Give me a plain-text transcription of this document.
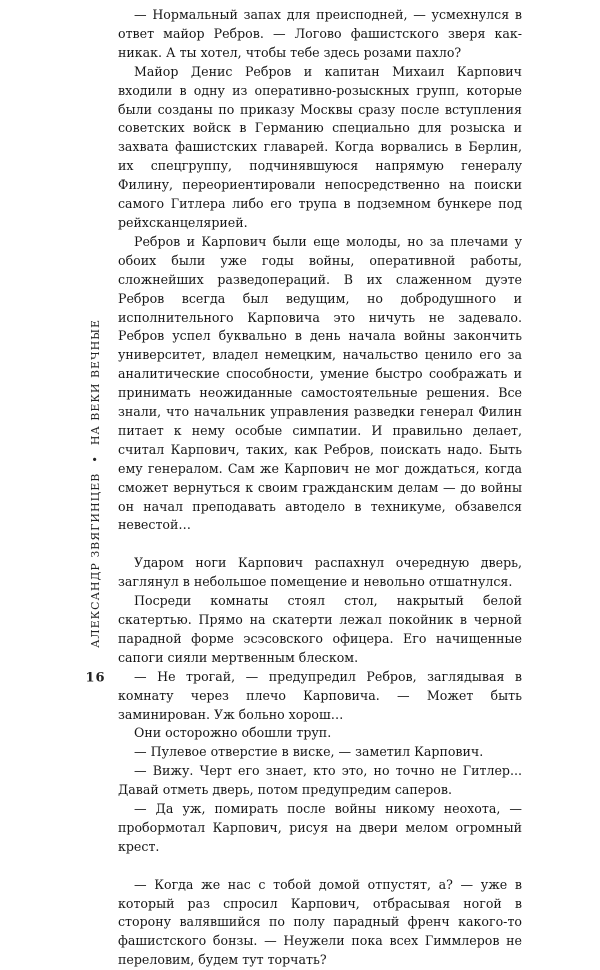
16
АЛЕКСАНДР ЗВЯГИНЦЕВ
•
НА ВЕКИ ВЕЧНЫЕ

— Нормальный запах для преисподней, — усмехнулся в ответ майор Ребров. — Логово фашистского зверя как-никак. А ты хотел, чтобы тебе здесь розами пахло?

Майор Денис Ребров и капитан Михаил Карпович входили в одну из оперативно-розыскных групп, которые были созданы по приказу Москвы сразу после вступления советских войск в Германию специально для розыска и захвата фашистских главарей. Когда ворвались в Берлин, их спецгруппу, подчинявшуюся напрямую генералу Филину, переориентировали непосредственно на поиски самого Гитлера либо его трупа в подземном бункере под рейхсканцелярией.

Ребров и Карпович были еще молоды, но за плечами у обоих были уже годы войны, оперативной работы, сложнейших разведопераций. В их слаженном дуэте Ребров всегда был ведущим, но добродушного и исполнительного Карповича это ничуть не задевало. Ребров успел буквально в день начала войны закончить университет, владел немецким, начальство ценило его за аналитические способности, умение быстро соображать и принимать неожиданные самостоятельные решения. Все знали, что начальник управления разведки генерал Филин питает к нему особые симпатии. И правильно делает, считал Карпович, таких, как Ребров, поискать надо. Быть ему генералом. Сам же Карпович не мог дождаться, когда сможет вернуться к своим гражданским делам — до войны он начал преподавать автодело в техникуме, обзавелся невестой…

Ударом ноги Карпович распахнул очередную дверь, заглянул в небольшое помещение и невольно отшатнулся.

Посреди комнаты стоял стол, накрытый белой скатертью. Прямо на скатерти лежал покойник в черной парадной форме эсэсовского офицера. Его начищенные сапоги сияли мертвенным блеском.

— Не трогай, — предупредил Ребров, заглядывая в комнату через плечо Карповича. — Может быть заминирован. Уж больно хорош…

Они осторожно обошли труп.

— Пулевое отверстие в виске, — заметил Карпович.

— Вижу. Черт его знает, кто это, но точно не Гитлер... Давай отметь дверь, потом предупредим саперов.

— Да уж, помирать после войны никому неохота, — пробормотал Карпович, рисуя на двери мелом огромный крест.

— Когда же нас с тобой домой отпустят, а? — уже в который раз спросил Карпович, отбрасывая ногой в сторону валявшийся по полу парадный френч какого-то фашистского бонзы. — Неужели пока всех Гиммлеров не переловим, будем тут торчать?
